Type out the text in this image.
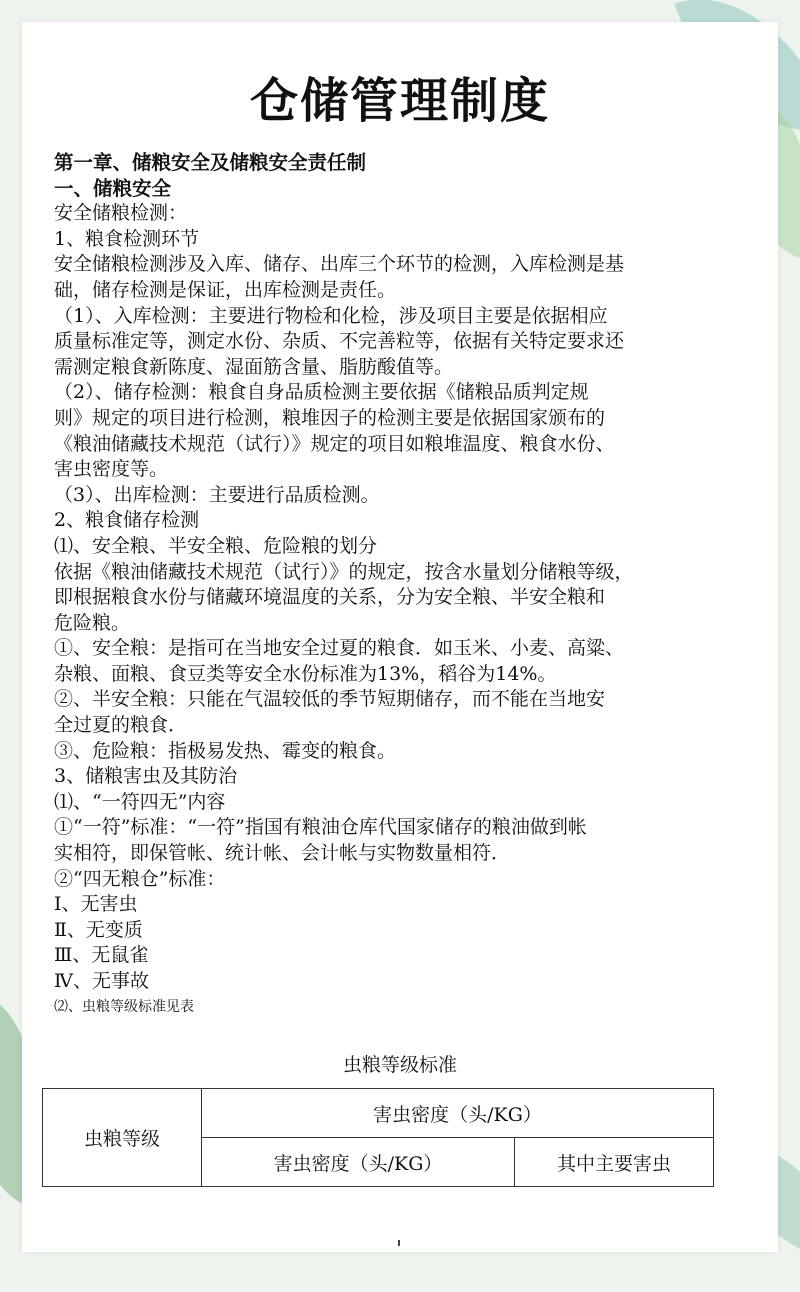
仓储管理制度
第一章、储粮安全及储粮安全责任制
一、储粮安全
安全储粮检测：
1、粮食检测环节
安全储粮检测涉及入库、储存、出库三个环节的检测，入库检测是基
础，储存检测是保证，出库检测是责任。
（1）、入库检测：主要进行物检和化检，涉及项目主要是依据相应
质量标准定等，测定水份、杂质、不完善粒等，依据有关特定要求还
需测定粮食新陈度、湿面筋含量、脂肪酸值等。
（2）、储存检测：粮食自身品质检测主要依据《储粮品质判定规
则》规定的项目进行检测，粮堆因子的检测主要是依据国家颁布的
《粮油储藏技术规范（试行）》规定的项目如粮堆温度、粮食水份、
害虫密度等。
（3）、出库检测：主要进行品质检测。
2、粮食储存检测
⑴、安全粮、半安全粮、危险粮的划分
依据《粮油储藏技术规范（试行）》的规定，按含水量划分储粮等级，
即根据粮食水份与储藏环境温度的关系，分为安全粮、半安全粮和
危险粮。
①、安全粮：是指可在当地安全过夏的粮食．如玉米、小麦、高粱、
杂粮、面粮、食豆类等安全水份标准为13%，稻谷为14%。
②、半安全粮：只能在气温较低的季节短期储存，而不能在当地安
全过夏的粮食．
③、危险粮：指极易发热、霉变的粮食。
3、储粮害虫及其防治
⑴、“一符四无”内容
①“一符”标准：“一符”指国有粮油仓库代国家储存的粮油做到帐
实相符，即保管帐、统计帐、会计帐与实物数量相符．
②“四无粮仓”标准：
Ⅰ、无害虫
Ⅱ、无变质
Ⅲ、无鼠雀
Ⅳ、无事故
⑵、虫粮等级标准见表
虫粮等级标准
虫粮等级	害虫密度（头/KG）	
	害虫密度（头/KG）	其中主要害虫
